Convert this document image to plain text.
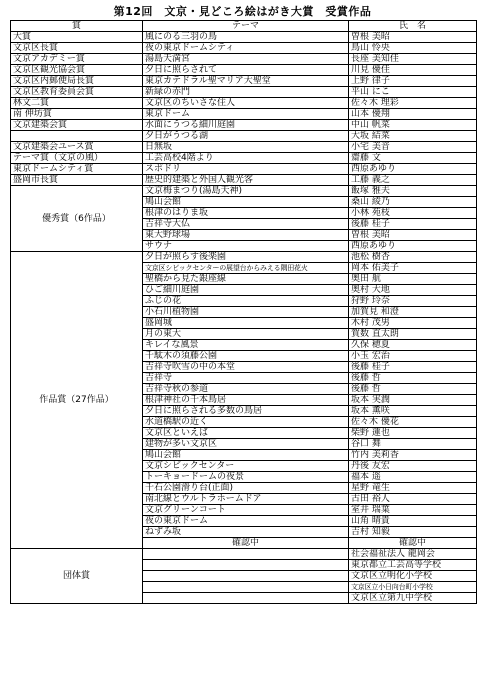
第12回　文京・見どころ絵はがき大賞　受賞作品
賞	テーマ	氏　名
大賞	風にのる三羽の鳥	曽根 美昭
文京区長賞	夜の東京ドームシティ	鳥山 怜央
文京アカデミー賞	湯島天満宮	長座 美知佳
文京区観光協会賞	夕日に照らされて	川見 優佳
文京区内郵便局長賞	東京カテドラル聖マリア大聖堂	上野 律子
文京区教育委員会賞	新緑の赤門	平山 にこ
林文二賞	文京区のちいさな住人	佐々木 理彩
南 伸坊賞	東京ドーム	山本 優翔
文京建築会賞	水面にうつる細川庭園	中山 帆菜
	夕日がうつる湖	大坂 結菜
文京建築会ユース賞	日無坂	小宅 美音
テーマ賞（文京の風）	工芸高校4階より	齋藤 文
東京ドームシティ賞	スポドリ	西原あゆり
盛岡市長賞	歴史的建築と外国人観光客	工藤 義之
優秀賞（6作品）	文京梅まつり(湯島天神)	飯塚 雅夫
	鳩山会館	桑山 綾乃
	根津のはりま坂	小林 苑枝
	吉祥寺大仏	後藤 桂子
	東大野球場	曽根 美昭
	サウナ	西原あゆり
作品賞（27作品）	夕日が照らす後楽園	池松 樹杏
	文京区シビックセンターの展望台からみえる隅田花火	岡本 佑美子
	聖橋から見た銀座線	奥田 航
	ひご細川庭園	奥村 大地
	ふじの花	狩野 玲奈
	小石川植物園	加賀見 和澄
	盛岡城	木村 茂男
	月の東大	賀数 直太朗
	キレイな風景	久保 穂夏
	千駄木の須藤公園	小玉 宏治
	吉祥寺吹雪の中の本堂	後藤 桂子
	吉祥寺	後藤 哲
	吉祥寺秋の参道	後藤 哲
	根津神社の千本鳥居	坂本 実潤
	夕日に照らされる多数の鳥居	坂本 薫咲
	水道橋駅の近く	佐々木 優花
	文京区といえば	柴野 蓮也
	建物が多い文京区	谷口 舞
	鳩山会館	竹内 美莉香
	文京シビックセンター	丹後 友宏
	トーキョードームの夜景	福本 遥
	千石公園滑り台(正面)	星野 竜生
	南北線とウルトラホームドア	古田 裕人
	文京グリーンコート	室井 瑞葉
	夜の東京ドーム	山角 晴貴
	ねずみ坂	吉村 知毅
	確認中	確認中
団体賞		社会福祉法人 龍岡会
		東京都立工芸高等学校
		文京区立明化小学校
		文京区立小日向台町小学校
		文京区立第九中学校
